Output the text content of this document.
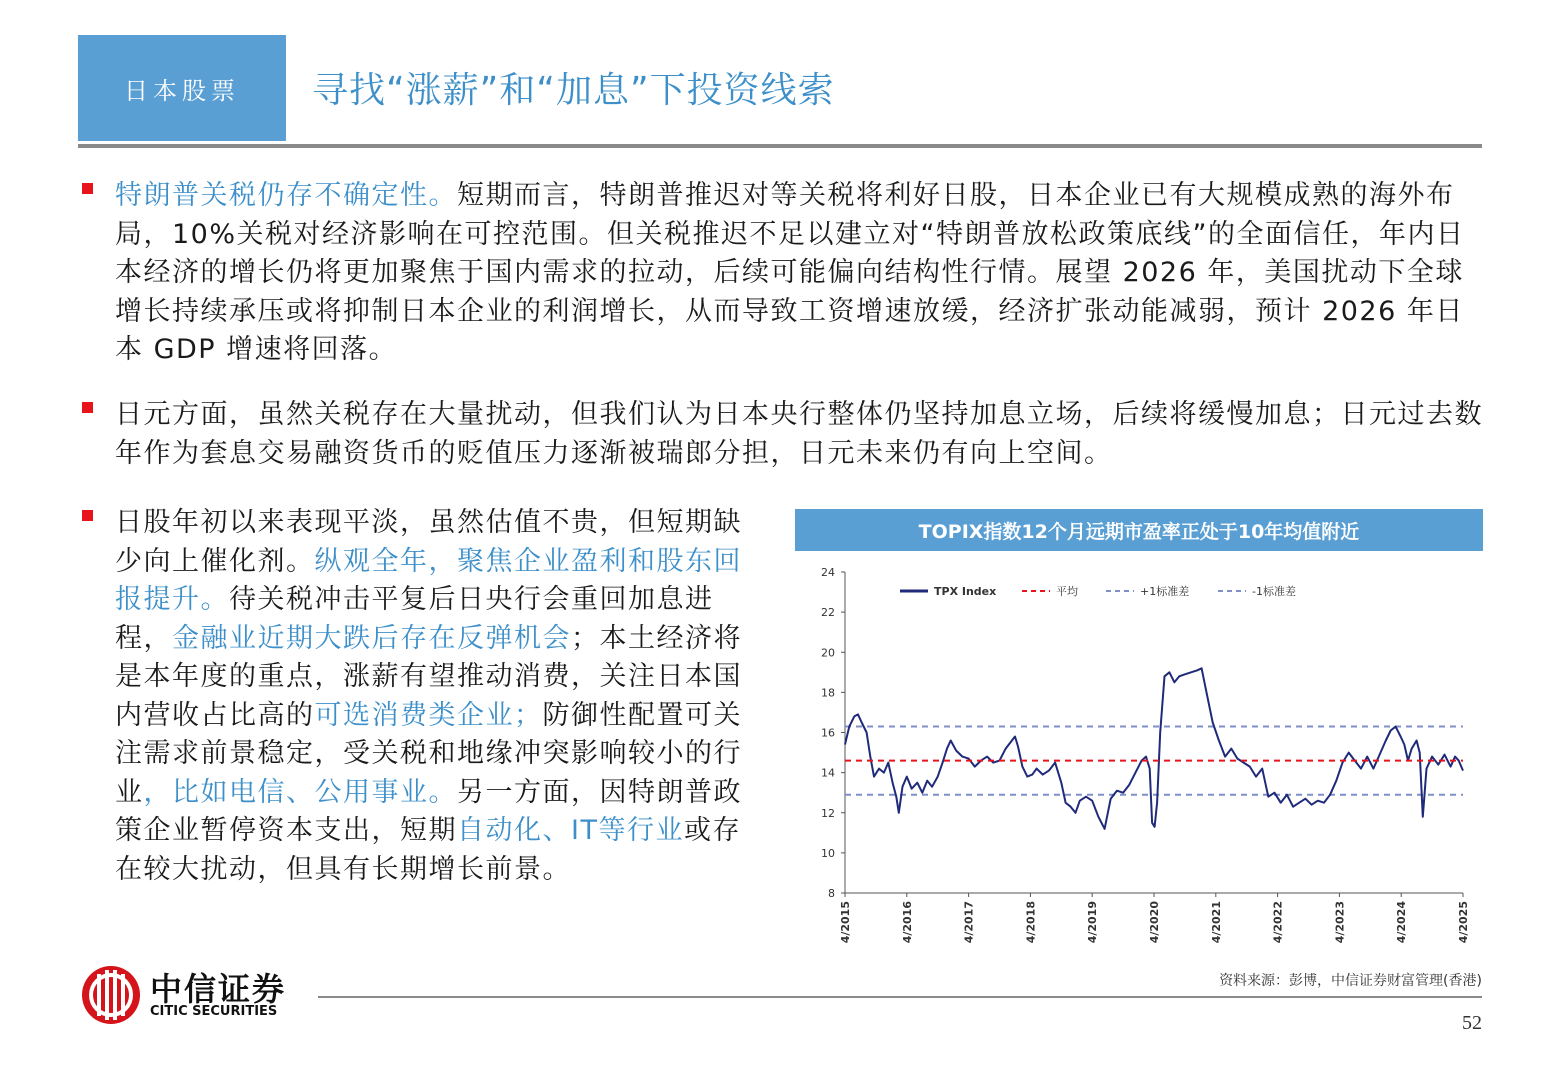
日本股票	寻找“涨薪”和“加息”下投资线索
特朗普关税仍存不确定性。短期而言，特朗普推迟对等关税将利好日股，日本企业已有大规模成熟的海外布局，10%关税对经济影响在可控范围。但关税推迟不足以建立对“特朗普放松政策底线”的全面信任，年内日本经济的增长仍将更加聚焦于国内需求的拉动，后续可能偏向结构性行情。展望 2026 年，美国扰动下全球增长持续承压或将抑制日本企业的利润增长，从而导致工资增速放缓，经济扩张动能减弱，预计 2026 年日本 GDP 增速将回落。
日元方面，虽然关税存在大量扰动，但我们认为日本央行整体仍坚持加息立场，后续将缓慢加息；日元过去数年作为套息交易融资货币的贬值压力逐渐被瑞郎分担，日元未来仍有向上空间。
日股年初以来表现平淡，虽然估值不贵，但短期缺少向上催化剂。纵观全年，聚焦企业盈利和股东回报提升。待关税冲击平复后日央行会重回加息进程，金融业近期大跌后存在反弹机会；本土经济将是本年度的重点，涨薪有望推动消费，关注日本国内营收占比高的可选消费类企业；防御性配置可关注需求前景稳定，受关税和地缘冲突影响较小的行业，比如电信、公用事业。另一方面，因特朗普政策企业暂停资本支出，短期自动化、IT等行业或存在较大扰动，但具有长期增长前景。
TOPIX指数12个月远期市盈率正处于10年均值附近
8
10
12
14
16
18
20
22
24
4/2015	4/2016	4/2017	4/2018	4/2019	4/2020	4/2021	4/2022	4/2023	4/2024	4/2025
TPX Index	平均	+1标准差	-1标准差
资料来源：彭博，中信证券财富管理(香港)
52
中信证券
CITIC SECURITIES
